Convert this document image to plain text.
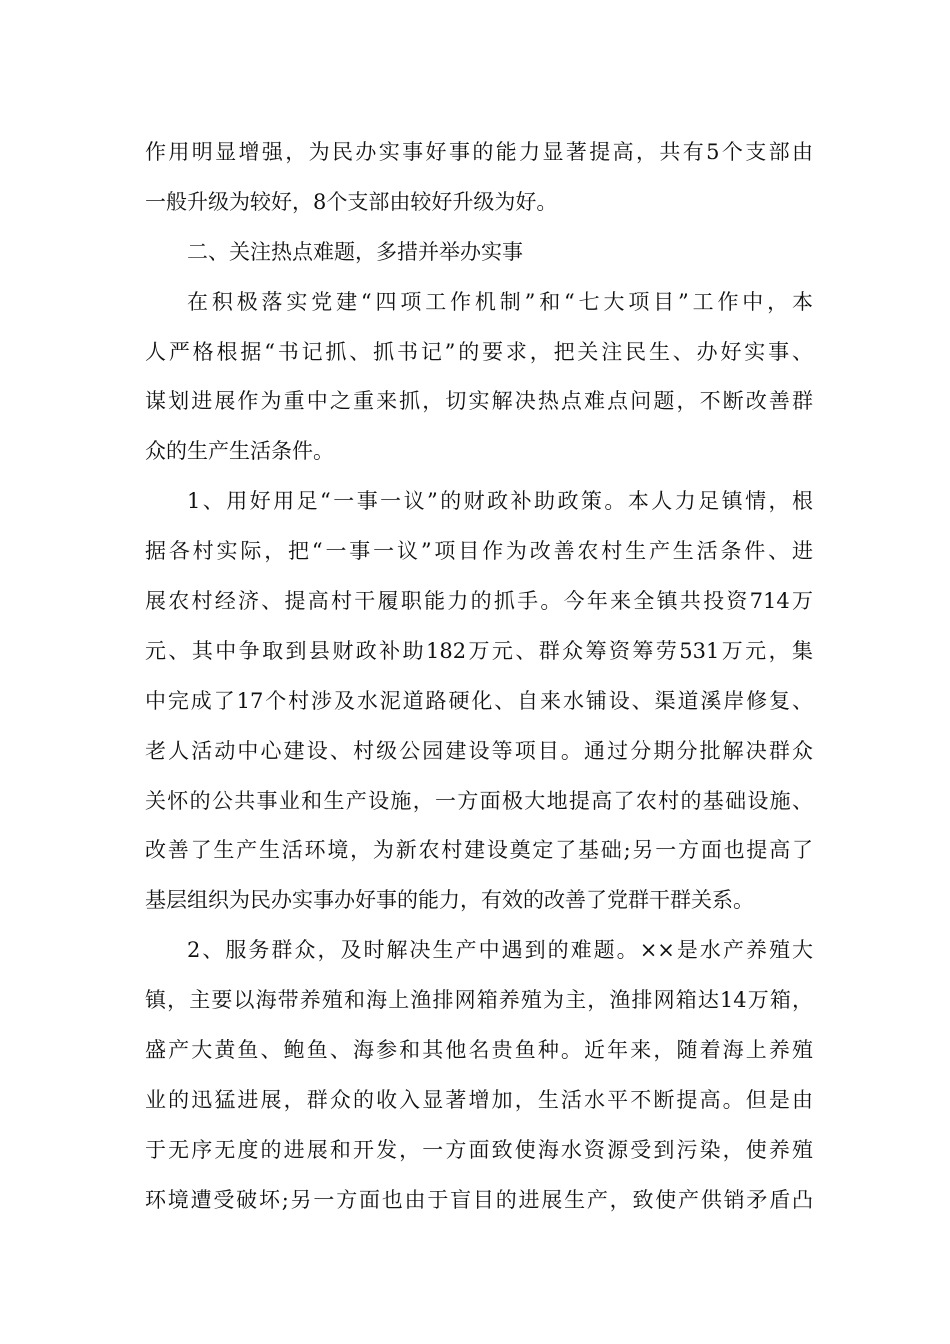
作用明显增强，为民办实事好事的能力显著提高，共有5个支部由
一般升级为较好，8个支部由较好升级为好。
二、关注热点难题，多措并举办实事
在积极落实党建“四项工作机制”和“七大项目”工作中，本
人严格根据“书记抓、抓书记”的要求，把关注民生、办好实事、
谋划进展作为重中之重来抓，切实解决热点难点问题，不断改善群
众的生产生活条件。
1、用好用足“一事一议”的财政补助政策。本人力足镇情，根
据各村实际，把“一事一议”项目作为改善农村生产生活条件、进
展农村经济、提高村干履职能力的抓手。今年来全镇共投资714万
元、其中争取到县财政补助182万元、群众筹资筹劳531万元，集
中完成了17个村涉及水泥道路硬化、自来水铺设、渠道溪岸修复、
老人活动中心建设、村级公园建设等项目。通过分期分批解决群众
关怀的公共事业和生产设施，一方面极大地提高了农村的基础设施、
改善了生产生活环境，为新农村建设奠定了基础;另一方面也提高了
基层组织为民办实事办好事的能力，有效的改善了党群干群关系。
2、服务群众，及时解决生产中遇到的难题。××是水产养殖大
镇，主要以海带养殖和海上渔排网箱养殖为主，渔排网箱达14万箱，
盛产大黄鱼、鲍鱼、海参和其他名贵鱼种。近年来，随着海上养殖
业的迅猛进展，群众的收入显著增加，生活水平不断提高。但是由
于无序无度的进展和开发，一方面致使海水资源受到污染，使养殖
环境遭受破坏;另一方面也由于盲目的进展生产，致使产供销矛盾凸
